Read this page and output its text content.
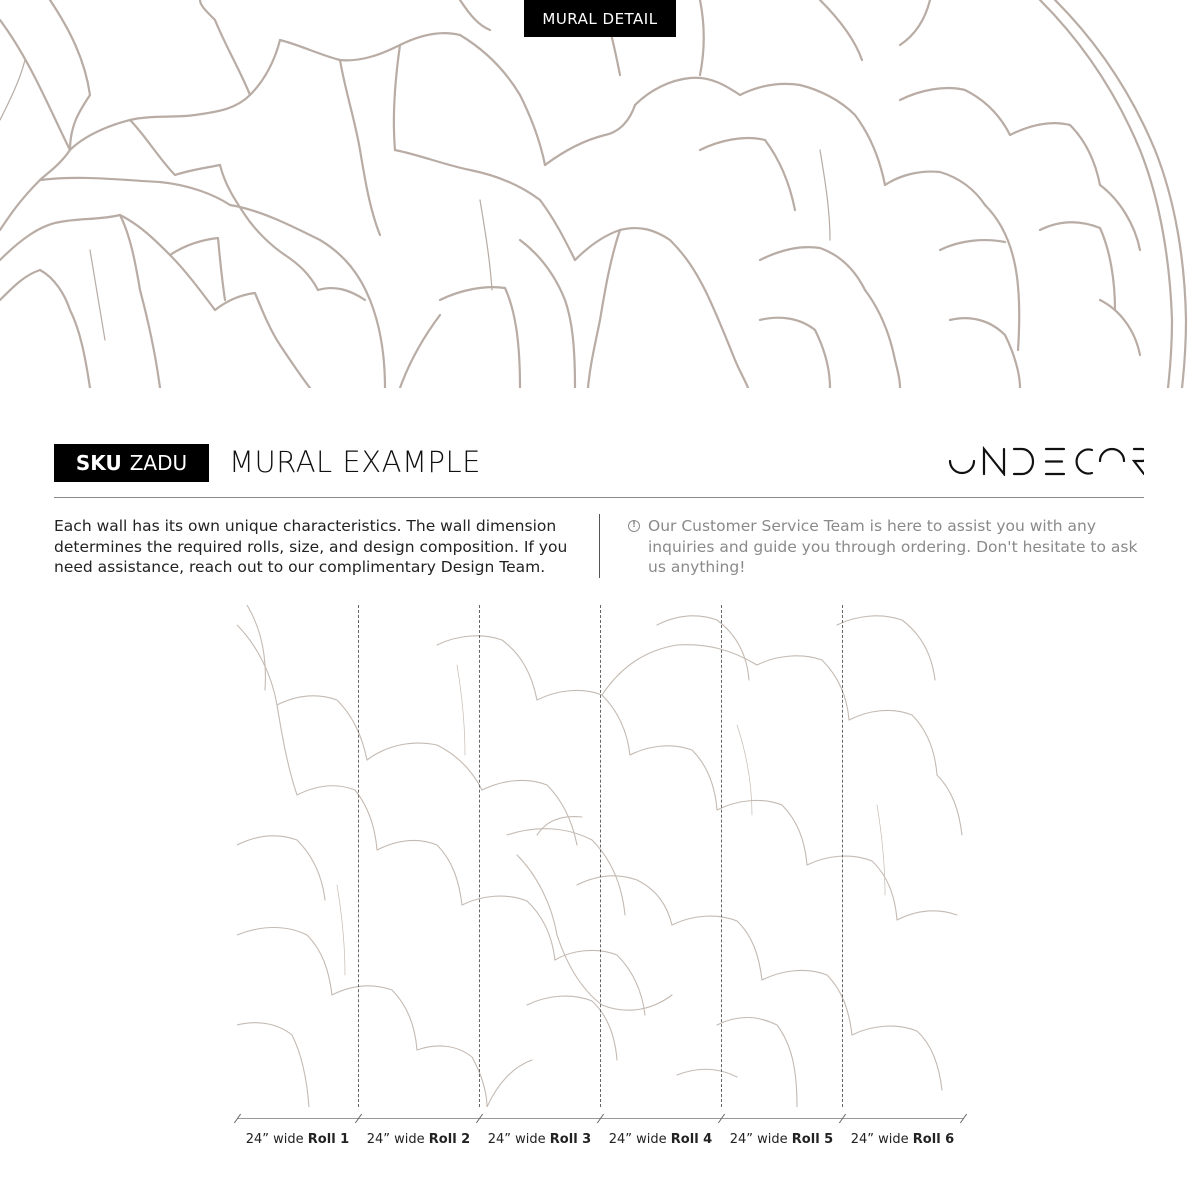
MURAL DETAIL
SKU ZADU MURAL EXAMPLE
Each wall has its own unique characteristics. The wall dimension determines the required rolls, size, and design composition. If you need assistance, reach out to our complimentary Design Team.
! Our Customer Service Team is here to assist you with any inquiries and guide you through ordering. Don't hesitate to ask us anything!
24” wide Roll 1	24” wide Roll 2	24” wide Roll 3	24” wide Roll 4	24” wide Roll 5	24” wide Roll 6
